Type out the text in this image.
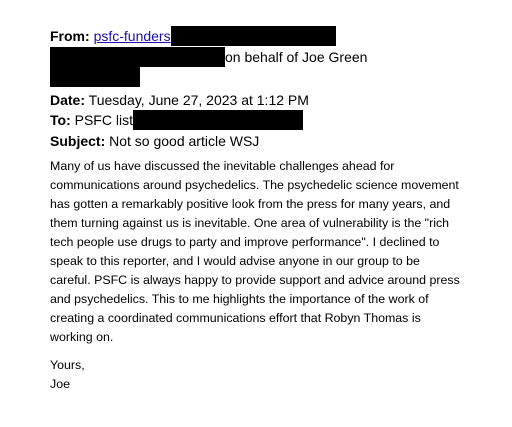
From: psfc-funders
on behalf of Joe Green
Date: Tuesday, June 27, 2023 at 1:12 PM
To: PSFC list
Subject: Not so good article WSJ

Many of us have discussed the inevitable challenges ahead for

communications around psychedelics. The psychedelic science movement

has gotten a remarkably positive look from the press for many years, and

them turning against us is inevitable. One area of vulnerability is the "rich

tech people use drugs to party and improve performance". I declined to

speak to this reporter, and I would advise anyone in our group to be

careful. PSFC is always happy to provide support and advice around press

and psychedelics. This to me highlights the importance of the work of

creating a coordinated communications effort that Robyn Thomas is

working on.

Yours,

Joe
